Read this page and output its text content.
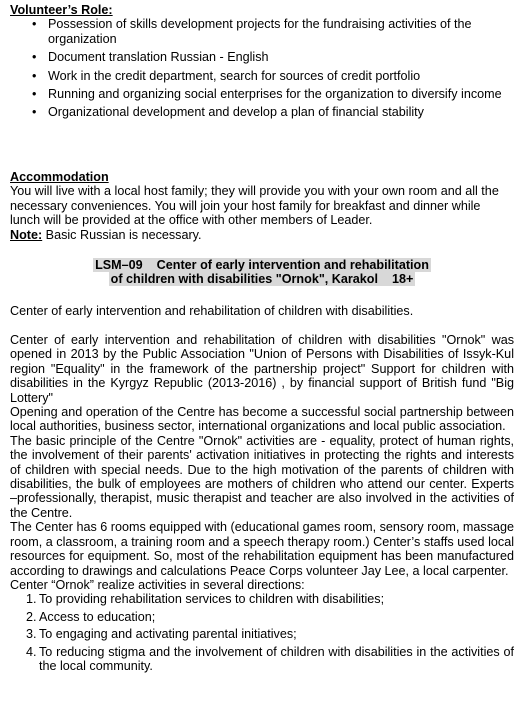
Volunteer’s Role:
• Possession of skills development projects for the fundraising activities of the organization
• Document translation Russian - English
• Work in the credit department, search for sources of credit portfolio
• Running and organizing social enterprises for the organization to diversify income
• Organizational development and develop a plan of financial stability
Accommodation

You will live with a local host family; they will provide you with your own room and all the necessary conveniences. You will join your host family for breakfast and dinner while lunch will be provided at the office with other members of Leader.

Note: Basic Russian is necessary.

LSM–09    Center of early intervention and rehabilitation
of children with disabilities "Ornok", Karakol    18+

Center of early intervention and rehabilitation of children with disabilities.

Center of early intervention and rehabilitation of children with disabilities "Ornok" was opened in 2013 by the Public Association "Union of Persons with Disabilities of Issyk-Kul region "Equality" in the framework of the partnership project" Support for children with disabilities in the Kyrgyz Republic (2013-2016) , by financial support of British fund "Big Lottery"

Opening and operation of the Centre has become a successful social partnership between local authorities, business sector, international organizations and local public association.

The basic principle of the Centre "Ornok" activities are - equality, protect of human rights, the involvement of their parents' activation initiatives in protecting the rights and interests of children with special needs. Due to the high motivation of the parents of children with disabilities, the bulk of employees are mothers of children who attend our center. Experts –professionally, therapist, music therapist and teacher are also involved in the activities of the Centre.

The Center has 6 rooms equipped with (educational games room, sensory room, massage room, a classroom, a training room and a speech therapy room.) Center’s staffs used local resources for equipment. So, most of the rehabilitation equipment has been manufactured according to drawings and calculations Peace Corps volunteer Jay Lee, a local carpenter.

Center “Ornok” realize activities in several directions:

1. To providing rehabilitation services to children with disabilities;
2. Access to education;
3. To engaging and activating parental initiatives;
4. To reducing stigma and the involvement of children with disabilities in the activities of the local community.
